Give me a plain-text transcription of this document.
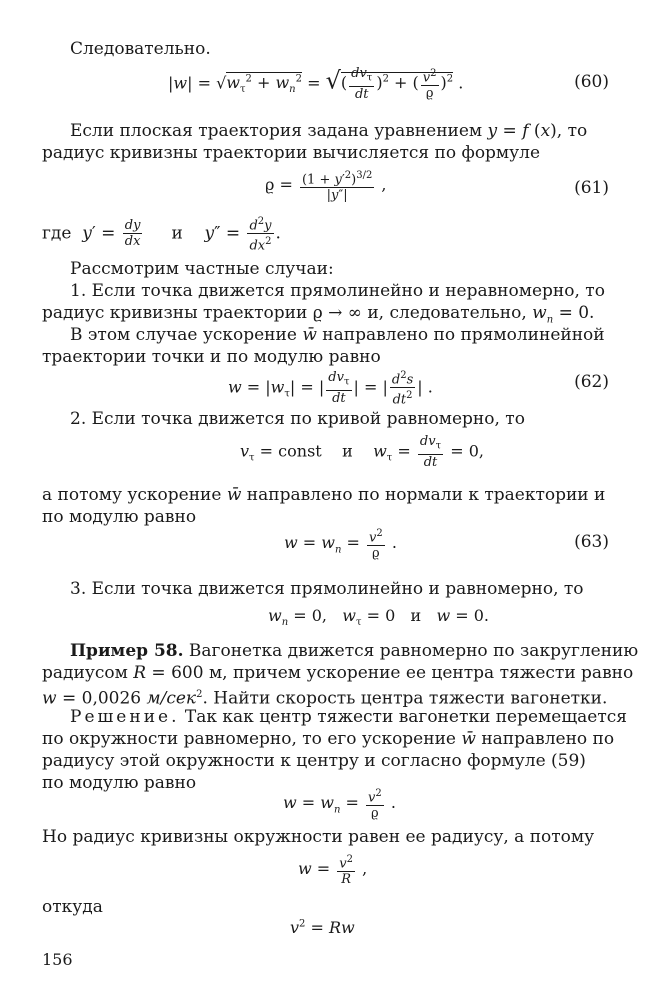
Следовательно.
$|w| = √w_\tau^2 + w_n^2$ = √( $\frac{dv_\tau}{dt} )^2$ + ( $\frac{v^2}{ϱ} )^2$ .	(60)
Если плоская траектория задана уравнением y = f (x), то
радиус кривизны траектории вычисляется по формуле
$ϱ = \frac{(1 + y'^2)^{3/2}}{|y''|}$ ,	(61)
где $y' = \frac{dy}{dx}$ и $y'' = \frac{d^2y}{dx^2}$ .
Рассмотрим частные случаи:
1. Если точка движется прямолинейно и неравномерно, то
радиус кривизны траектории ϱ → ∞ и, следовательно, $w_n = 0$.
В этом случае ускорение w̄ направлено по прямолинейной
траектории точки и по модулю равно
$w = |w_\tau|$ = | $\frac{dv_\tau}{dt}$ | = | $\frac{d^2s}{dt^2}$ | .	(62)
2. Если точка движется по кривой равномерно, то
$v_\tau$ = const и $w_\tau = \frac{dv_\tau}{dt} = 0$,
а потому ускорение w̄ направлено по нормали к траектории и
по модулю равно
$w = w_n = \frac{v^2}{ϱ}$ .	(63)
3. Если точка движется прямолинейно и равномерно, то
$w_n = 0$,   $w_\tau = 0$   и w = 0.
Пример 58. Вагонетка движется равномерно по закруглению
радиусом R = 600 м, причем ускорение ее центра тяжести равно
w = 0,0026 м/сек$^2$. Найти скорость центра тяжести вагонетки.
Решение. Так как центр тяжести вагонетки перемещается
по окружности равномерно, то его ускорение w̄ направлено по
радиусу этой окружности к центру и согласно формуле (59)
по модулю равно
$w = w_n = \frac{v^2}{ϱ}$ .
Но радиус кривизны окружности равен ее радиусу, а потому
$w = \frac{v^2}{R}$ ,
откуда
$v^2 = Rw$
156
